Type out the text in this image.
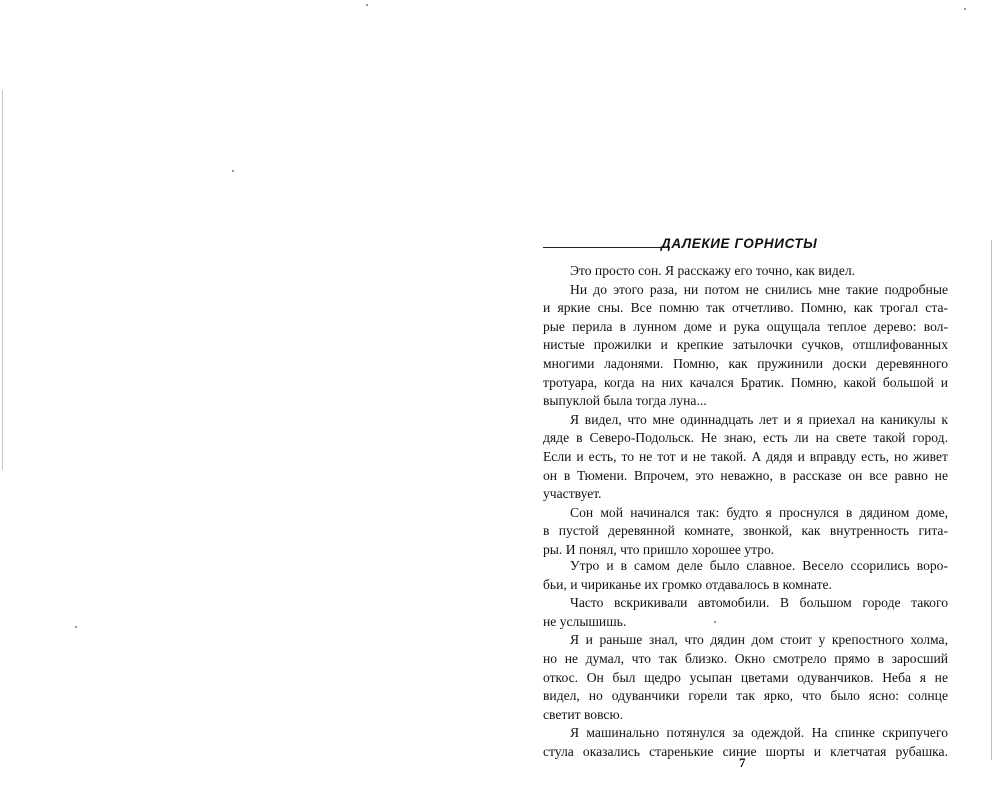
ДАЛЕКИЕ ГОРНИСТЫ
Это просто сон. Я расскажу его точно, как видел.
Ни до этого раза, ни потом не снились мне такие подробные
и яркие сны. Все помню так отчетливо. Помню, как трогал ста-
рые перила в лунном доме и рука ощущала теплое дерево: вол-
нистые прожилки и крепкие затылочки сучков, отшлифованных
многими ладонями. Помню, как пружинили доски деревянного
тротуара, когда на них качался Братик. Помню, какой большой и
выпуклой была тогда луна...
Я видел, что мне одиннадцать лет и я приехал на каникулы к
дяде в Северо-Подольск. Не знаю, есть ли на свете такой город.
Если и есть, то не тот и не такой. А дядя и вправду есть, но живет
он в Тюмени. Впрочем, это неважно, в рассказе он все равно не
участвует.
Сон мой начинался так: будто я проснулся в дядином доме,
в пустой деревянной комнате, звонкой, как внутренность гита-
ры. И понял, что пришло хорошее утро.
Утро и в самом деле было славное. Весело ссорились воро-
бьи, и чириканье их громко отдавалось в комнате.
Часто вскрикивали автомобили. В большом городе такого
не услышишь.
Я и раньше знал, что дядин дом стоит у крепостного холма,
но не думал, что так близко. Окно смотрело прямо в заросший
откос. Он был щедро усыпан цветами одуванчиков. Неба я не
видел, но одуванчики горели так ярко, что было ясно: солнце
светит вовсю.
Я машинально потянулся за одеждой. На спинке скрипучего
стула оказались старенькие синие шорты и клетчатая рубашка.
7
